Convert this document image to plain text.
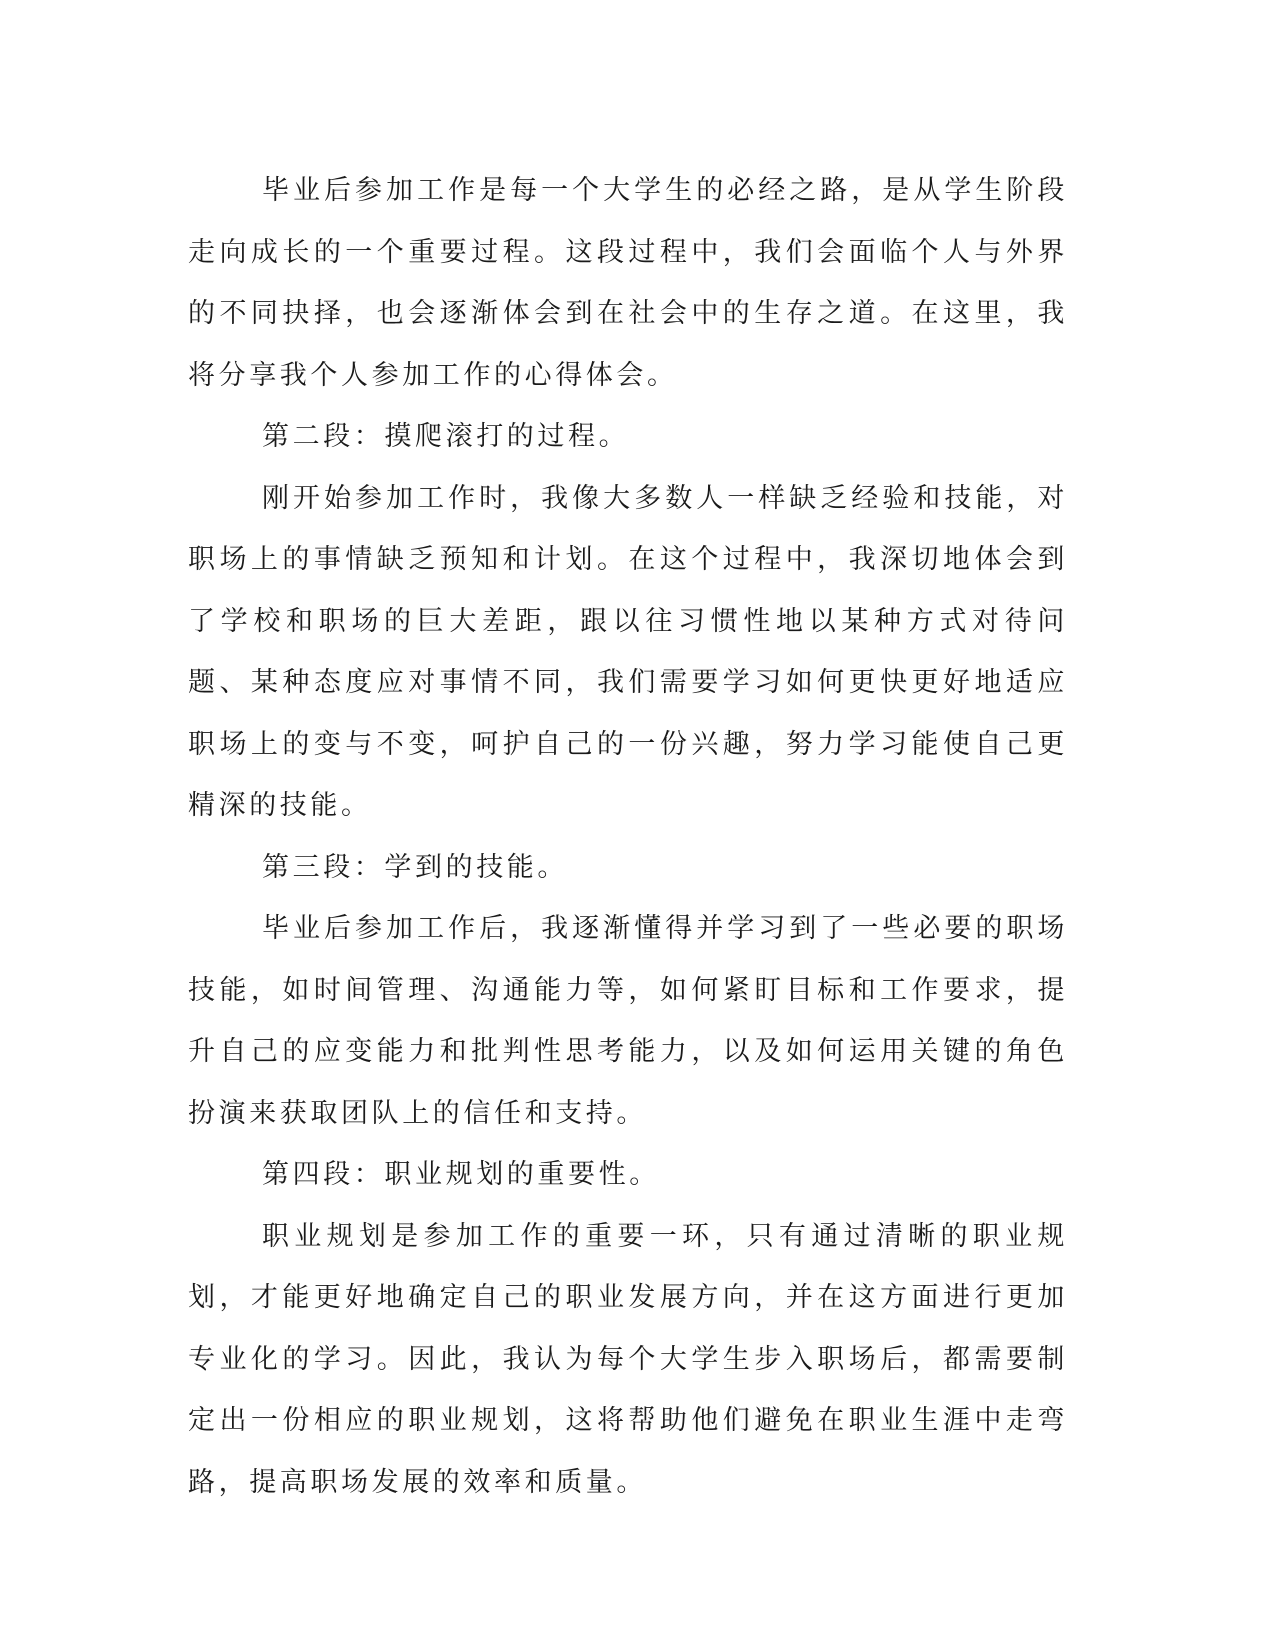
毕业后参加工作是每一个大学生的必经之路，是从学生阶段走向成长的一个重要过程。这段过程中，我们会面临个人与外界的不同抉择，也会逐渐体会到在社会中的生存之道。在这里，我将分享我个人参加工作的心得体会。

第二段：摸爬滚打的过程。

刚开始参加工作时，我像大多数人一样缺乏经验和技能，对职场上的事情缺乏预知和计划。在这个过程中，我深切地体会到了学校和职场的巨大差距，跟以往习惯性地以某种方式对待问题、某种态度应对事情不同，我们需要学习如何更快更好地适应职场上的变与不变，呵护自己的一份兴趣，努力学习能使自己更精深的技能。

第三段：学到的技能。

毕业后参加工作后，我逐渐懂得并学习到了一些必要的职场技能，如时间管理、沟通能力等，如何紧盯目标和工作要求，提升自己的应变能力和批判性思考能力，以及如何运用关键的角色扮演来获取团队上的信任和支持。

第四段：职业规划的重要性。

职业规划是参加工作的重要一环，只有通过清晰的职业规划，才能更好地确定自己的职业发展方向，并在这方面进行更加专业化的学习。因此，我认为每个大学生步入职场后，都需要制定出一份相应的职业规划，这将帮助他们避免在职业生涯中走弯路，提高职场发展的效率和质量。
